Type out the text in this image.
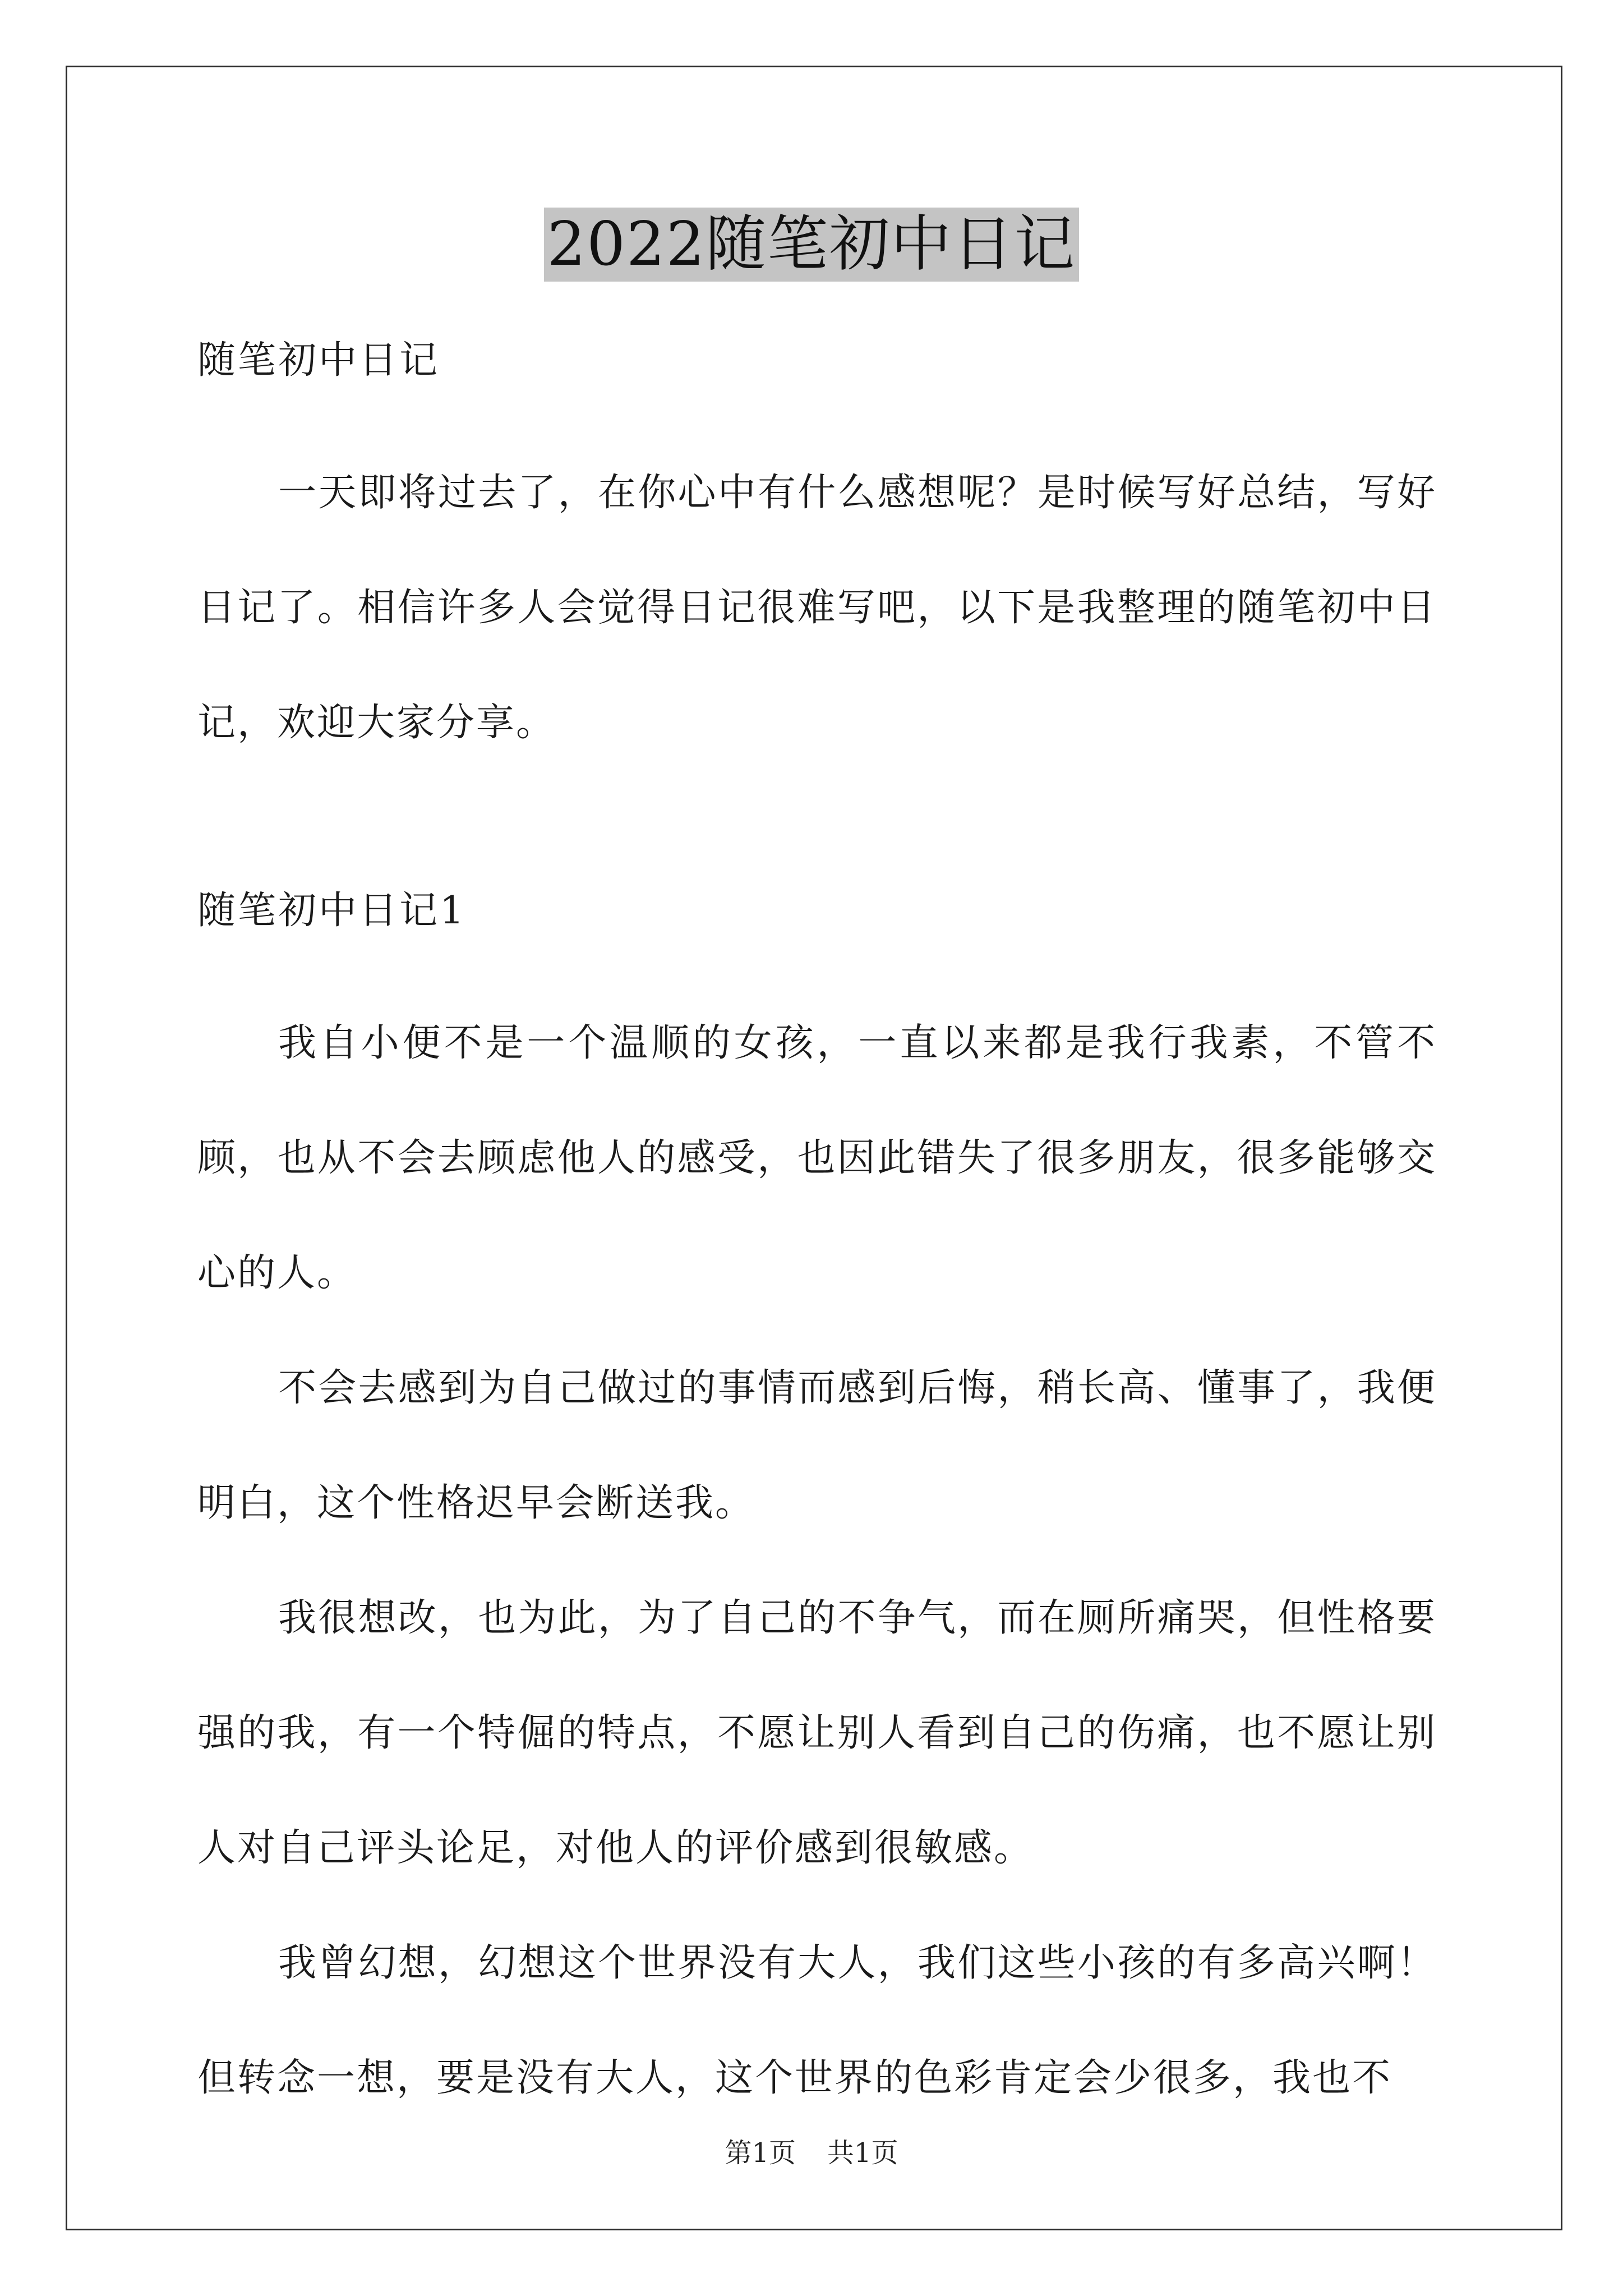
2022随笔初中日记

随笔初中日记

一天即将过去了，在你心中有什么感想呢？是时候写好总结，写好日记了。相信许多人会觉得日记很难写吧，以下是我整理的随笔初中日记，欢迎大家分享。

随笔初中日记1

我自小便不是一个温顺的女孩，一直以来都是我行我素，不管不顾，也从不会去顾虑他人的感受，也因此错失了很多朋友，很多能够交心的人。

不会去感到为自己做过的事情而感到后悔，稍长高、懂事了，我便明白，这个性格迟早会断送我。

我很想改，也为此，为了自己的不争气，而在厕所痛哭，但性格要强的我，有一个特倔的特点，不愿让别人看到自己的伤痛，也不愿让别人对自己评头论足，对他人的评价感到很敏感。

我曾幻想，幻想这个世界没有大人，我们这些小孩的有多高兴啊！但转念一想，要是没有大人，这个世界的色彩肯定会少很多，我也不

第1页 共1页
